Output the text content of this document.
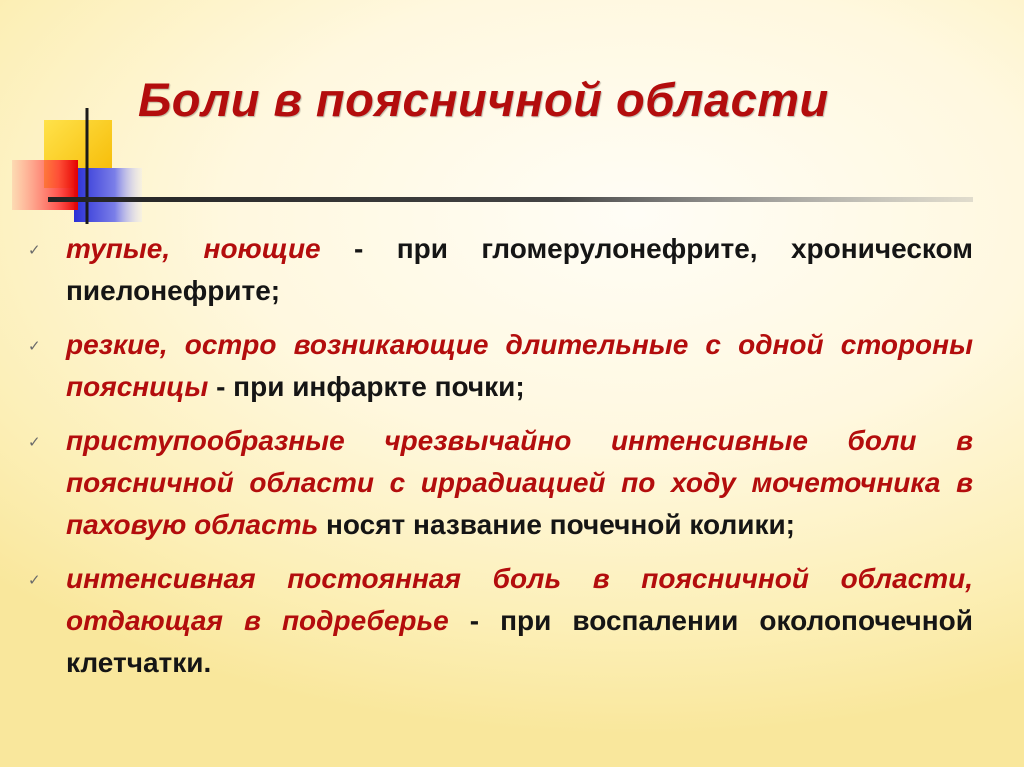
Боли в поясничной области
✓ тупые, ноющие - при гломерулонефрите, хроническом пиелонефрите;
✓ резкие, остро возникающие длительные с одной стороны поясницы - при инфаркте почки;
✓ приступообразные чрезвычайно интенсивные боли в поясничной области с иррадиацией по ходу мочеточника в паховую область носят название почечной колики;
✓ интенсивная постоянная боль в поясничной области, отдающая в подреберье - при воспалении околопочечной клетчатки.
